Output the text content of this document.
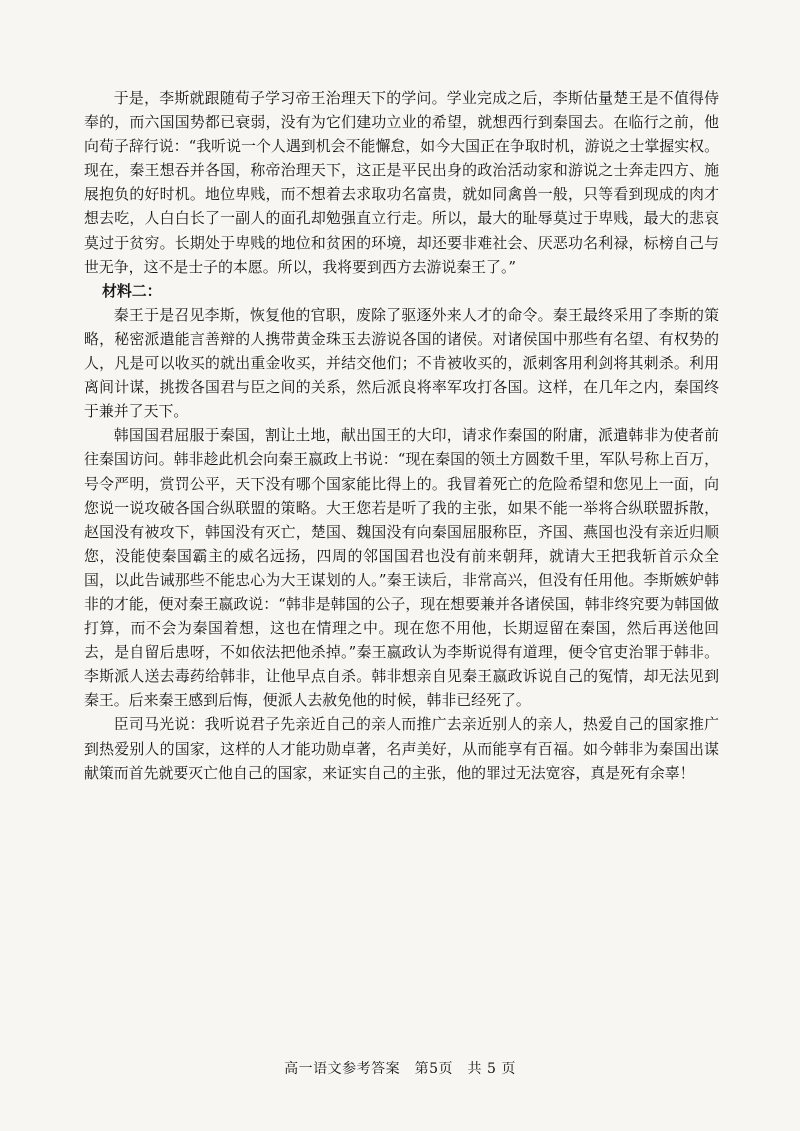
于是，李斯就跟随荀子学习帝王治理天下的学问。学业完成之后，李斯估量楚王是不值得侍奉的，而六国国势都已衰弱，没有为它们建功立业的希望，就想西行到秦国去。在临行之前，他向荀子辞行说：“我听说一个人遇到机会不能懈怠，如今大国正在争取时机，游说之士掌握实权。现在，秦王想吞并各国，称帝治理天下，这正是平民出身的政治活动家和游说之士奔走四方、施展抱负的好时机。地位卑贱，而不想着去求取功名富贵，就如同禽兽一般，只等看到现成的肉才想去吃，人白白长了一副人的面孔却勉强直立行走。所以，最大的耻辱莫过于卑贱，最大的悲哀莫过于贫穷。长期处于卑贱的地位和贫困的环境，却还要非难社会、厌恶功名利禄，标榜自己与世无争，这不是士子的本愿。所以，我将要到西方去游说秦王了。”

材料二：

秦王于是召见李斯，恢复他的官职，废除了驱逐外来人才的命令。秦王最终采用了李斯的策略，秘密派遣能言善辩的人携带黄金珠玉去游说各国的诸侯。对诸侯国中那些有名望、有权势的人，凡是可以收买的就出重金收买，并结交他们；不肯被收买的，派刺客用利剑将其刺杀。利用离间计谋，挑拨各国君与臣之间的关系，然后派良将率军攻打各国。这样，在几年之内，秦国终于兼并了天下。

韩国国君屈服于秦国，割让土地，献出国王的大印，请求作秦国的附庸，派遣韩非为使者前往秦国访问。韩非趁此机会向秦王嬴政上书说：“现在秦国的领土方圆数千里，军队号称上百万，号令严明，赏罚公平，天下没有哪个国家能比得上的。我冒着死亡的危险希望和您见上一面，向您说一说攻破各国合纵联盟的策略。大王您若是听了我的主张，如果不能一举将合纵联盟拆散，赵国没有被攻下，韩国没有灭亡，楚国、魏国没有向秦国屈服称臣，齐国、燕国也没有亲近归顺您，没能使秦国霸主的威名远扬，四周的邻国国君也没有前来朝拜，就请大王把我斩首示众全国，以此告诫那些不能忠心为大王谋划的人。”秦王读后，非常高兴，但没有任用他。李斯嫉妒韩非的才能，便对秦王嬴政说：“韩非是韩国的公子，现在想要兼并各诸侯国，韩非终究要为韩国做打算，而不会为秦国着想，这也在情理之中。现在您不用他，长期逗留在秦国，然后再送他回去，是自留后患呀，不如依法把他杀掉。”秦王嬴政认为李斯说得有道理，便令官吏治罪于韩非。李斯派人送去毒药给韩非，让他早点自杀。韩非想亲自见秦王嬴政诉说自己的冤情，却无法见到秦王。后来秦王感到后悔，便派人去赦免他的时候，韩非已经死了。

臣司马光说：我听说君子先亲近自己的亲人而推广去亲近别人的亲人，热爱自己的国家推广到热爱别人的国家，这样的人才能功勋卓著，名声美好，从而能享有百福。如今韩非为秦国出谋献策而首先就要灭亡他自己的国家，来证实自己的主张，他的罪过无法宽容，真是死有余辜！

高一语文参考答案　第5页　共 5 页
